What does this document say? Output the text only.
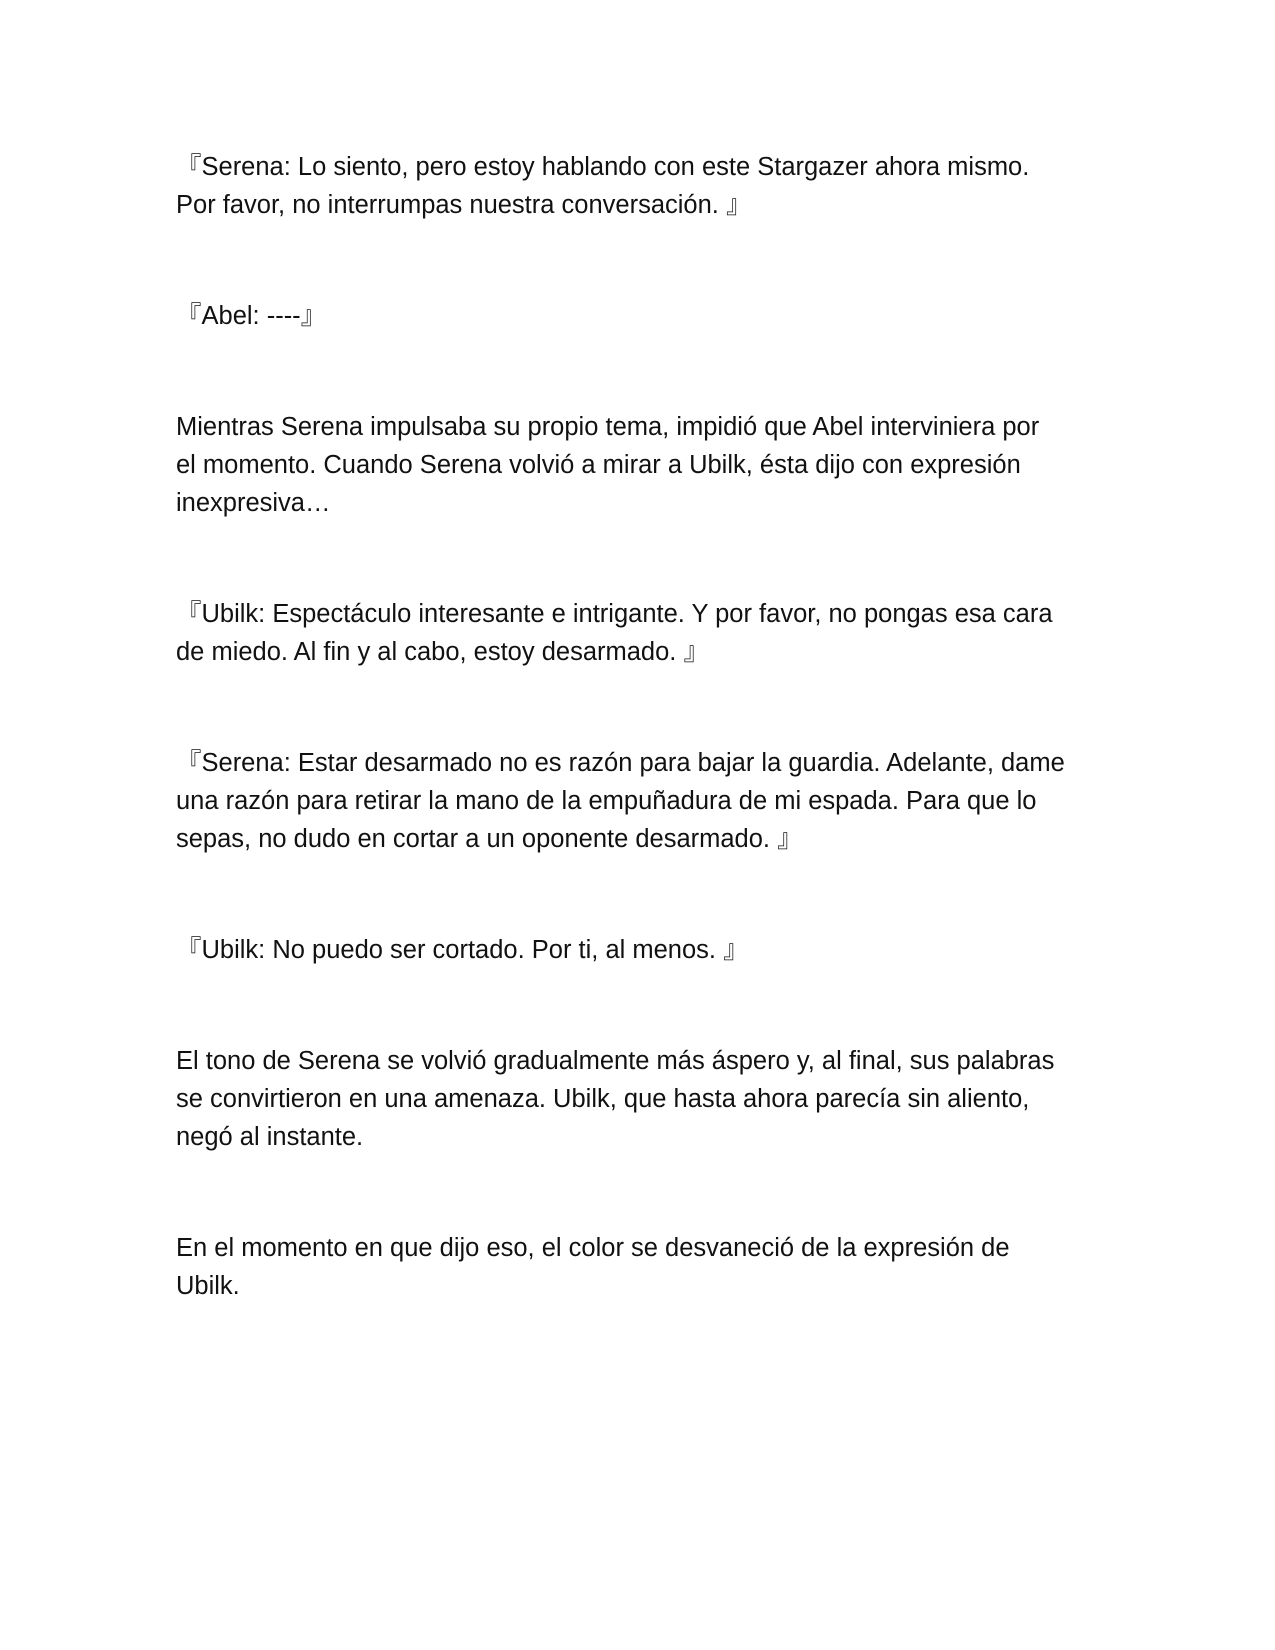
『Serena: Lo siento, pero estoy hablando con este Stargazer ahora mismo.
Por favor, no interrumpas nuestra conversación. 』

『Abel: ----』

Mientras Serena impulsaba su propio tema, impidió que Abel interviniera por
el momento. Cuando Serena volvió a mirar a Ubilk, ésta dijo con expresión
inexpresiva…

『Ubilk: Espectáculo interesante e intrigante. Y por favor, no pongas esa cara
de miedo. Al fin y al cabo, estoy desarmado. 』

『Serena: Estar desarmado no es razón para bajar la guardia. Adelante, dame
una razón para retirar la mano de la empuñadura de mi espada. Para que lo
sepas, no dudo en cortar a un oponente desarmado. 』

『Ubilk: No puedo ser cortado. Por ti, al menos. 』

El tono de Serena se volvió gradualmente más áspero y, al final, sus palabras
se convirtieron en una amenaza. Ubilk, que hasta ahora parecía sin aliento,
negó al instante.

En el momento en que dijo eso, el color se desvaneció de la expresión de
Ubilk.
